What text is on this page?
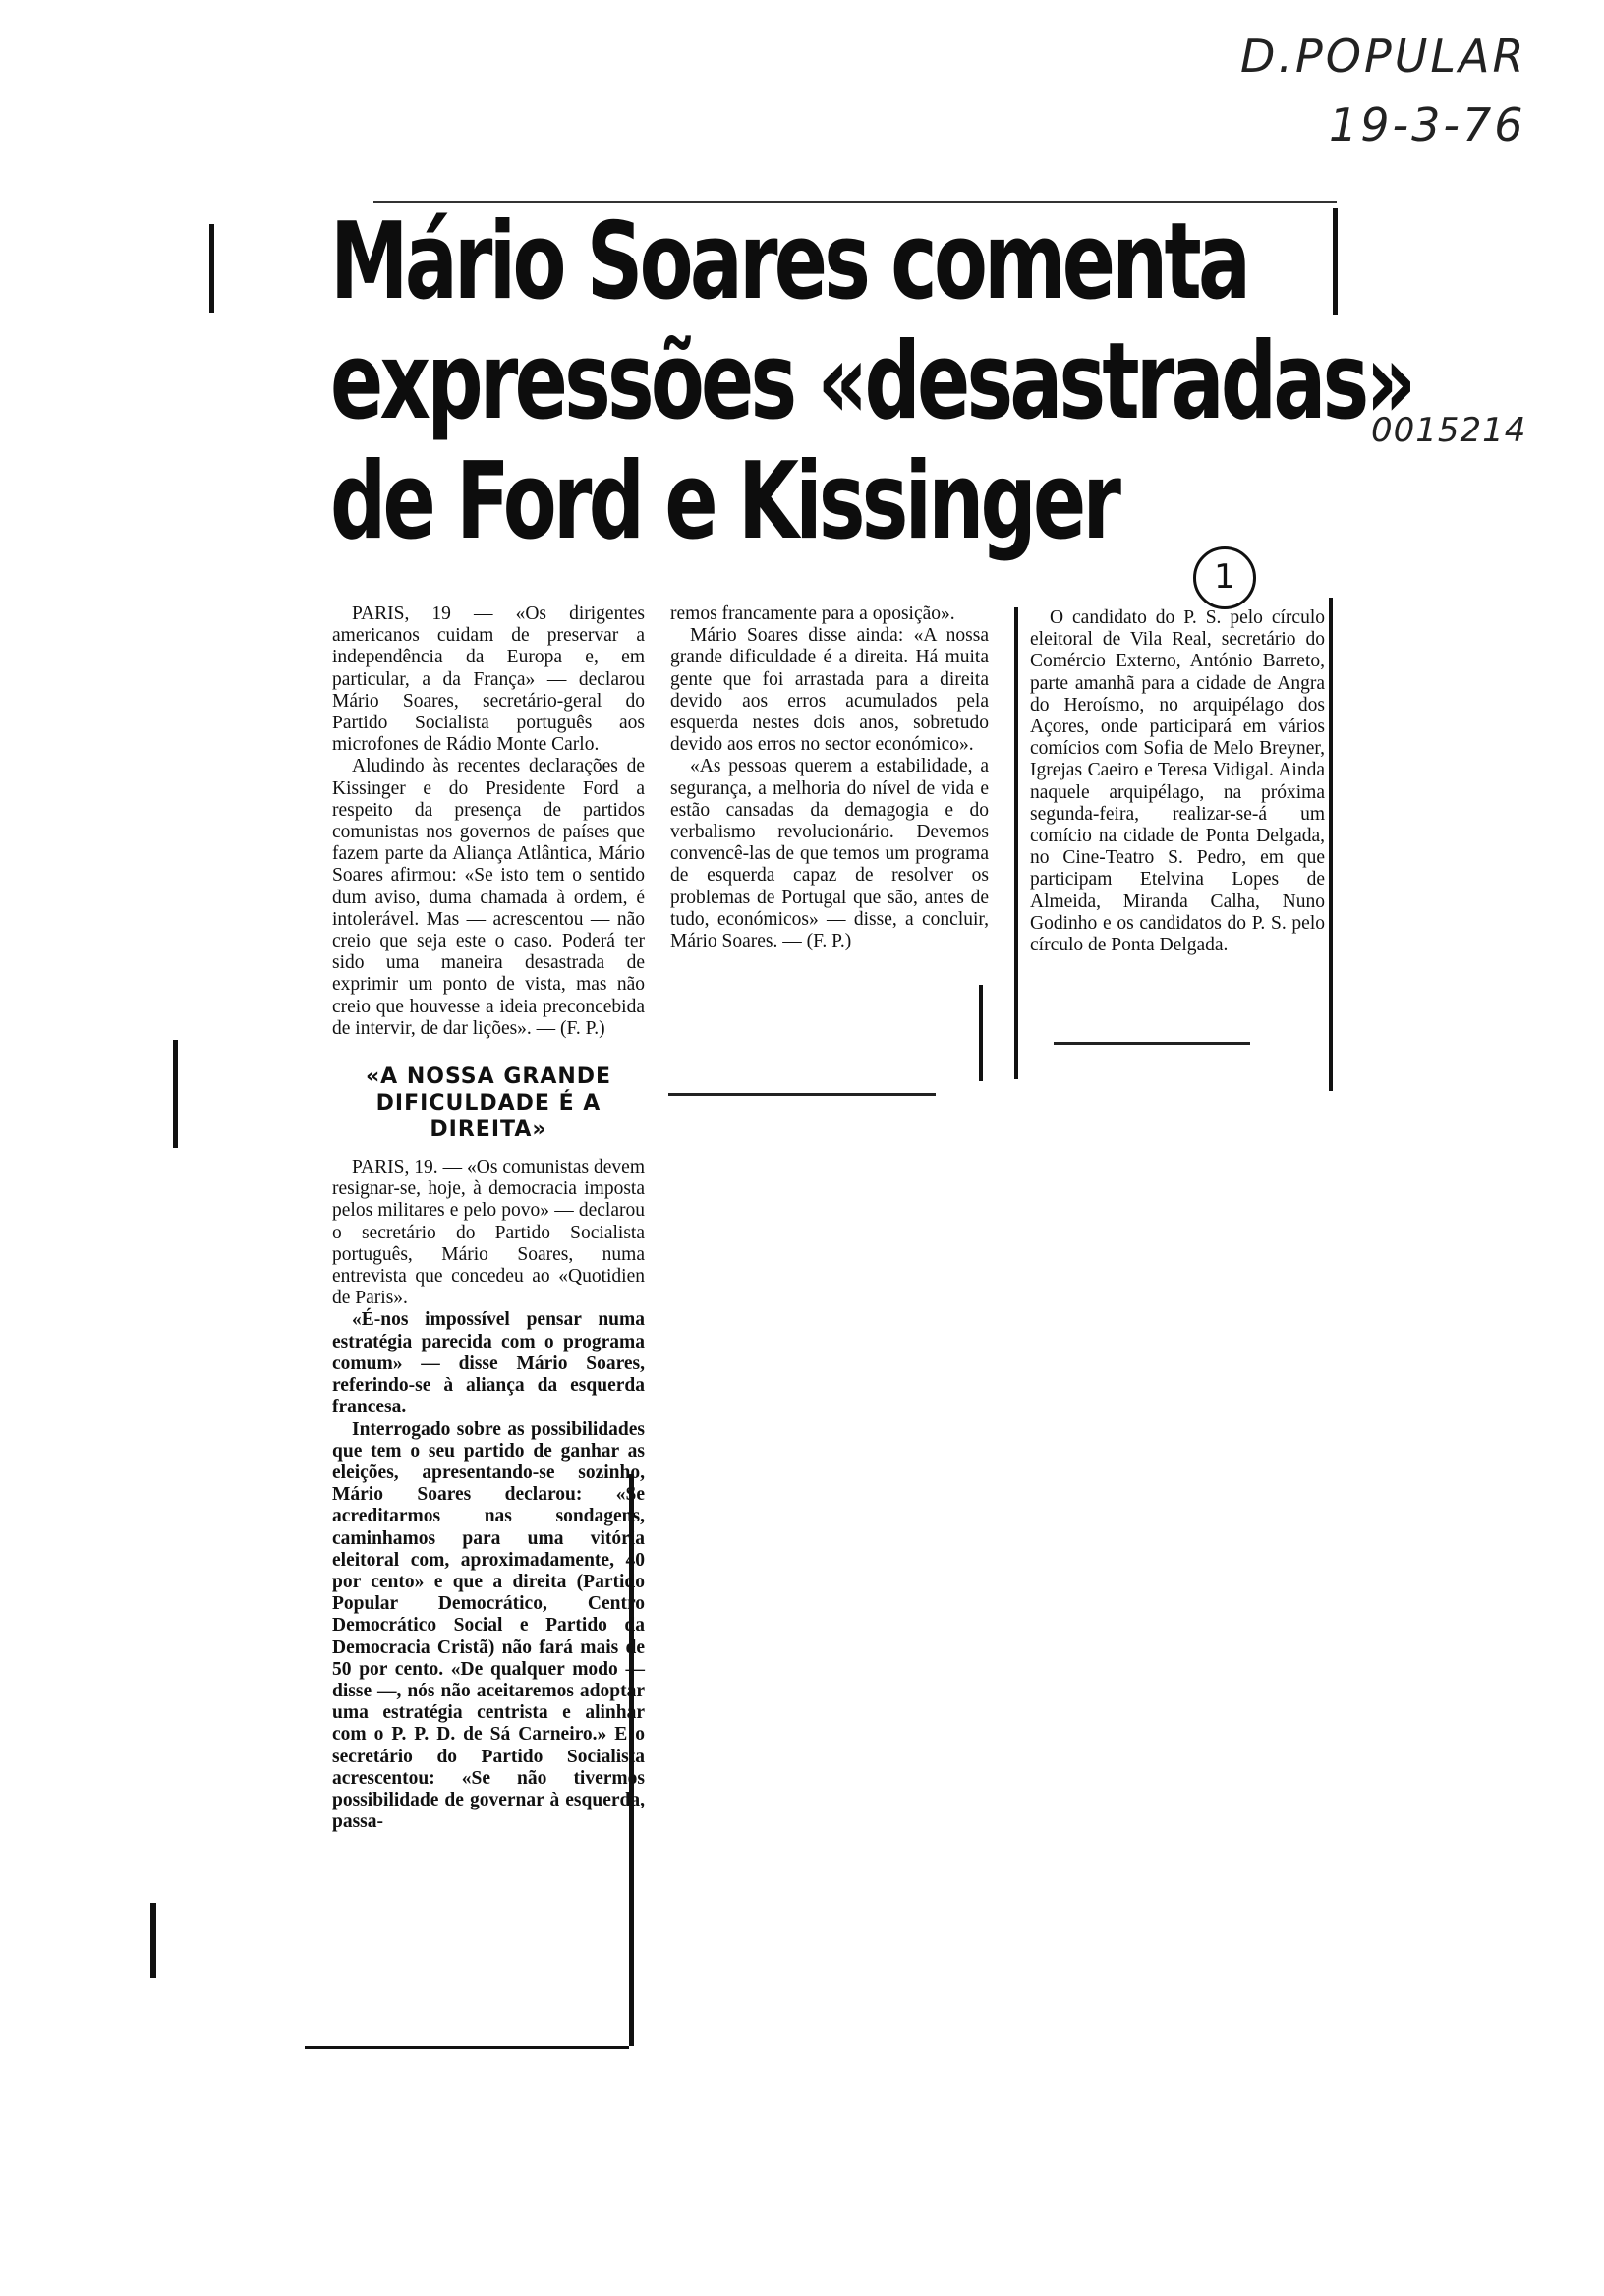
D.POPULAR
19-3-76
0015214
1
Mário Soares comenta
expressões «desastradas»
de Ford e Kissinger

PARIS, 19 — «Os dirigentes americanos cuidam de preservar a independência da Europa e, em particular, a da França» — declarou Mário Soares, secretário-geral do Partido Socialista português aos microfones de Rádio Monte Carlo.

Aludindo às recentes declarações de Kissinger e do Presidente Ford a respeito da presença de partidos comunistas nos governos de países que fazem parte da Aliança Atlântica, Mário Soares afirmou: «Se isto tem o sentido dum aviso, duma chamada à ordem, é intolerável. Mas — acrescentou — não creio que seja este o caso. Poderá ter sido uma maneira desastrada de exprimir um ponto de vista, mas não creio que houvesse a ideia preconcebida de intervir, de dar lições». — (F. P.)

«A NOSSA GRANDE DIFICULDADE É A DIREITA»

PARIS, 19. — «Os comunistas devem resignar-se, hoje, à democracia imposta pelos militares e pelo povo» — declarou o secretário do Partido Socialista português, Mário Soares, numa entrevista que concedeu ao «Quotidien de Paris».

«É-nos impossível pensar numa estratégia parecida com o programa comum» — disse Mário Soares, referindo-se à aliança da esquerda francesa.

Interrogado sobre as possibilidades que tem o seu partido de ganhar as eleições, apresentando-se sozinho, Mário Soares declarou: «Se acreditarmos nas sondagens, caminhamos para uma vitória eleitoral com, aproximadamente, 40 por cento» e que a direita (Partido Popular Democrático, Centro Democrático Social e Partido da Democracia Cristã) não fará mais de 50 por cento. «De qualquer modo — disse —, nós não aceitaremos adoptar uma estratégia centrista e alinhar com o P. P. D. de Sá Carneiro.» E o secretário do Partido Socialista acrescentou: «Se não tivermos possibilidade de governar à esquerda, passa-

remos francamente para a oposição».

Mário Soares disse ainda: «A nossa grande dificuldade é a direita. Há muita gente que foi arrastada para a direita devido aos erros acumulados pela esquerda nestes dois anos, sobretudo devido aos erros no sector económico».

«As pessoas querem a estabilidade, a segurança, a melhoria do nível de vida e estão cansadas da demagogia e do verbalismo revolucionário. Devemos convencê-las de que temos um programa de esquerda capaz de resolver os problemas de Portugal que são, antes de tudo, económicos» — disse, a concluir, Mário Soares. — (F. P.)

O candidato do P. S. pelo círculo eleitoral de Vila Real, secretário do Comércio Externo, António Barreto, parte amanhã para a cidade de Angra do Heroísmo, no arquipélago dos Açores, onde participará em vários comícios com Sofia de Melo Breyner, Igrejas Caeiro e Teresa Vidigal. Ainda naquele arquipélago, na próxima segunda-feira, realizar-se-á um comício na cidade de Ponta Delgada, no Cine-Teatro S. Pedro, em que participam Etelvina Lopes de Almeida, Miranda Calha, Nuno Godinho e os candidatos do P. S. pelo círculo de Ponta Delgada.
